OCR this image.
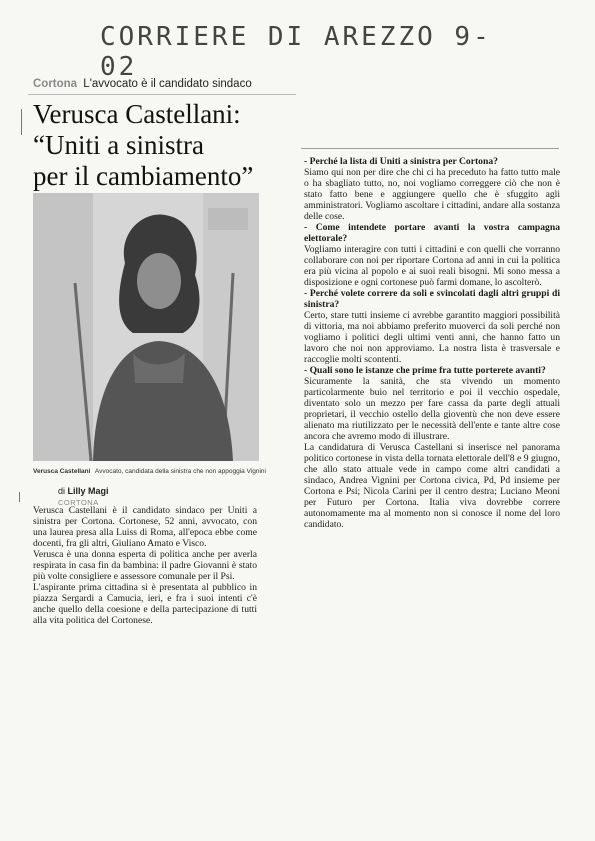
CORRIERE DI AREZZO 9-02
Cortona L'avvocato è il candidato sindaco
Verusca Castellani:
“Uniti a sinistra
per il cambiamento”
Verusca Castellani Avvocato, candidata della sinistra che non appoggia Vignini
di Lilly Magi
CORTONA

Verusca Castellani è il candidato sindaco per Uniti a sinistra per Cortona. Cortonese, 52 anni, avvocato, con una laurea presa alla Luiss di Roma, all'epoca ebbe come docenti, fra gli altri, Giuliano Amato e Visco.

Verusca è una donna esperta di politica anche per averla respirata in casa fin da bambina: il padre Giovanni è stato più volte consigliere e assessore comunale per il Psi.

L'aspirante prima cittadina si è presentata al pubblico in piazza Sergardi a Camucia, ieri, e fra i suoi intenti c'è anche quello della coesione e della partecipazione di tutti alla vita politica del Cortonese.

- Perché la lista di Uniti a sinistra per Cortona?

Siamo qui non per dire che chi ci ha preceduto ha fatto tutto male o ha sbagliato tutto, no, noi vogliamo correggere ciò che non è stato fatto bene e aggiungere quello che è sfuggito agli amministratori. Vogliamo ascoltare i cittadini, andare alla sostanza delle cose.

- Come intendete portare avanti la vostra campagna elettorale?

Vogliamo interagire con tutti i cittadini e con quelli che vorranno collaborare con noi per riportare Cortona ad anni in cui la politica era più vicina al popolo e ai suoi reali bisogni. Mi sono messa a disposizione e ogni cortonese può farmi domane, lo ascolterò.

- Perché volete correre da soli e svincolati dagli altri gruppi di sinistra?

Certo, stare tutti insieme ci avrebbe garantito maggiori possibilità di vittoria, ma noi abbiamo preferito muoverci da soli perché non vogliamo i politici degli ultimi venti anni, che hanno fatto un lavoro che noi non approviamo. La nostra lista è trasversale e raccoglie molti scontenti.

- Quali sono le istanze che prime fra tutte porterete avanti?

Sicuramente la sanità, che sta vivendo un momento particolarmente buio nel territorio e poi il vecchio ospedale, diventato solo un mezzo per fare cassa da parte degli attuali proprietari, il vecchio ostello della gioventù che non deve essere alienato ma riutilizzato per le necessità dell'ente e tante altre cose ancora che avremo modo di illustrare.

La candidatura di Verusca Castellani si inserisce nel panorama politico cortonese in vista della tornata elettorale dell'8 e 9 giugno, che allo stato attuale vede in campo come altri candidati a sindaco, Andrea Vignini per Cortona civica, Pd, Pd insieme per Cortona e Psi; Nicola Carini per il centro destra; Luciano Meoni per Futuro per Cortona. Italia viva dovrebbe correre autonomamente ma al momento non si conosce il nome del loro candidato.
